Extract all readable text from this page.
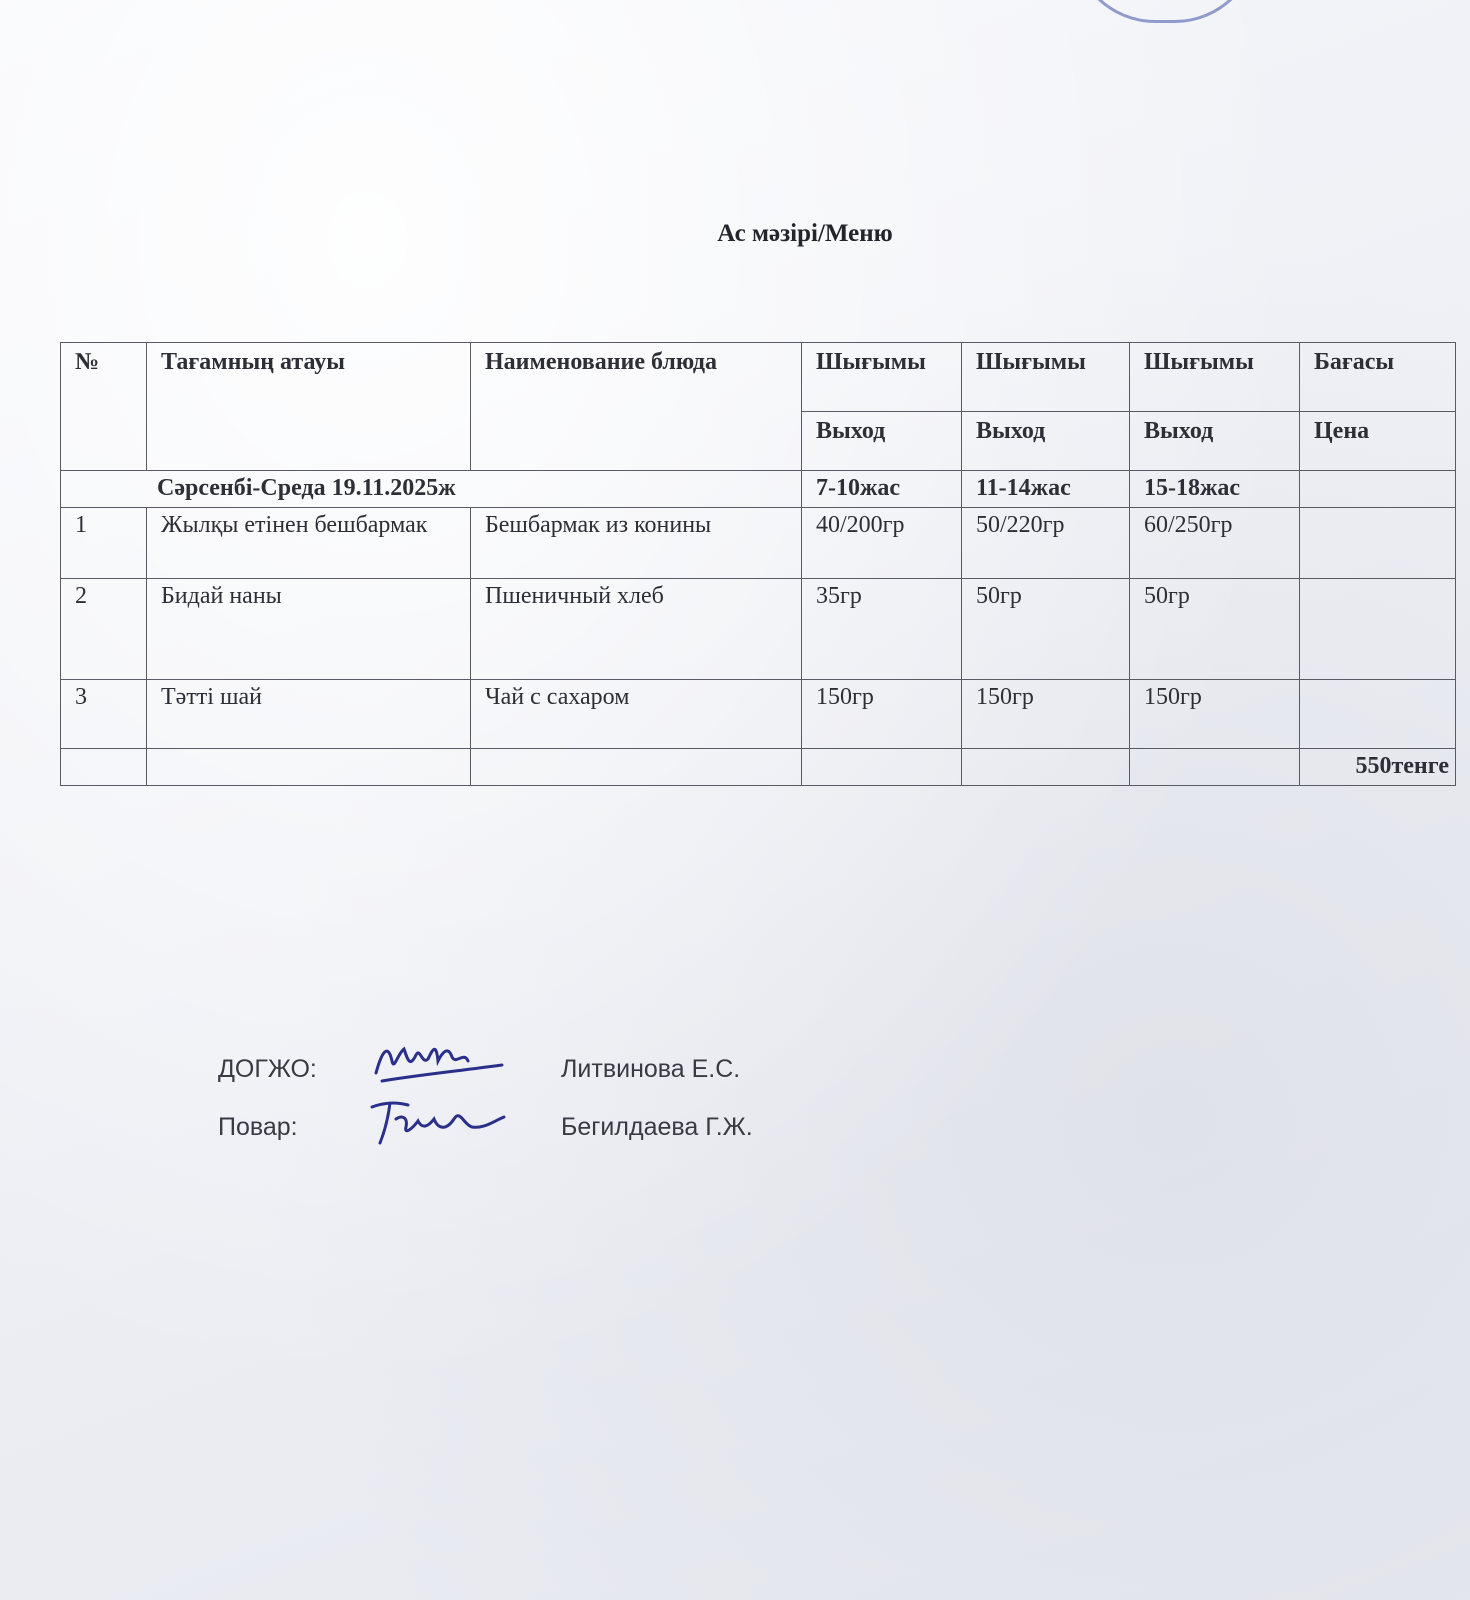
Ас мәзірі/Меню
№	Тағамның атауы	Наименование блюда	Шығымы	Шығымы	Шығымы	Бағасы
			Выход	Выход	Выход	Цена
Сәрсенбі-Среда 19.11.2025ж			7-10жас	11-14жас	15-18жас	
1	Жылқы етінен бешбармак	Бешбармак из конины	40/200гр	50/220гр	60/250гр	
2	Бидай наны	Пшеничный хлеб	35гр	50гр	50гр	
3	Тәтті шай	Чай с сахаром	150гр	150гр	150гр	
						550тенге
ДОГЖО:	Литвинова Е.С.
Повар:	Бегилдаева Г.Ж.
